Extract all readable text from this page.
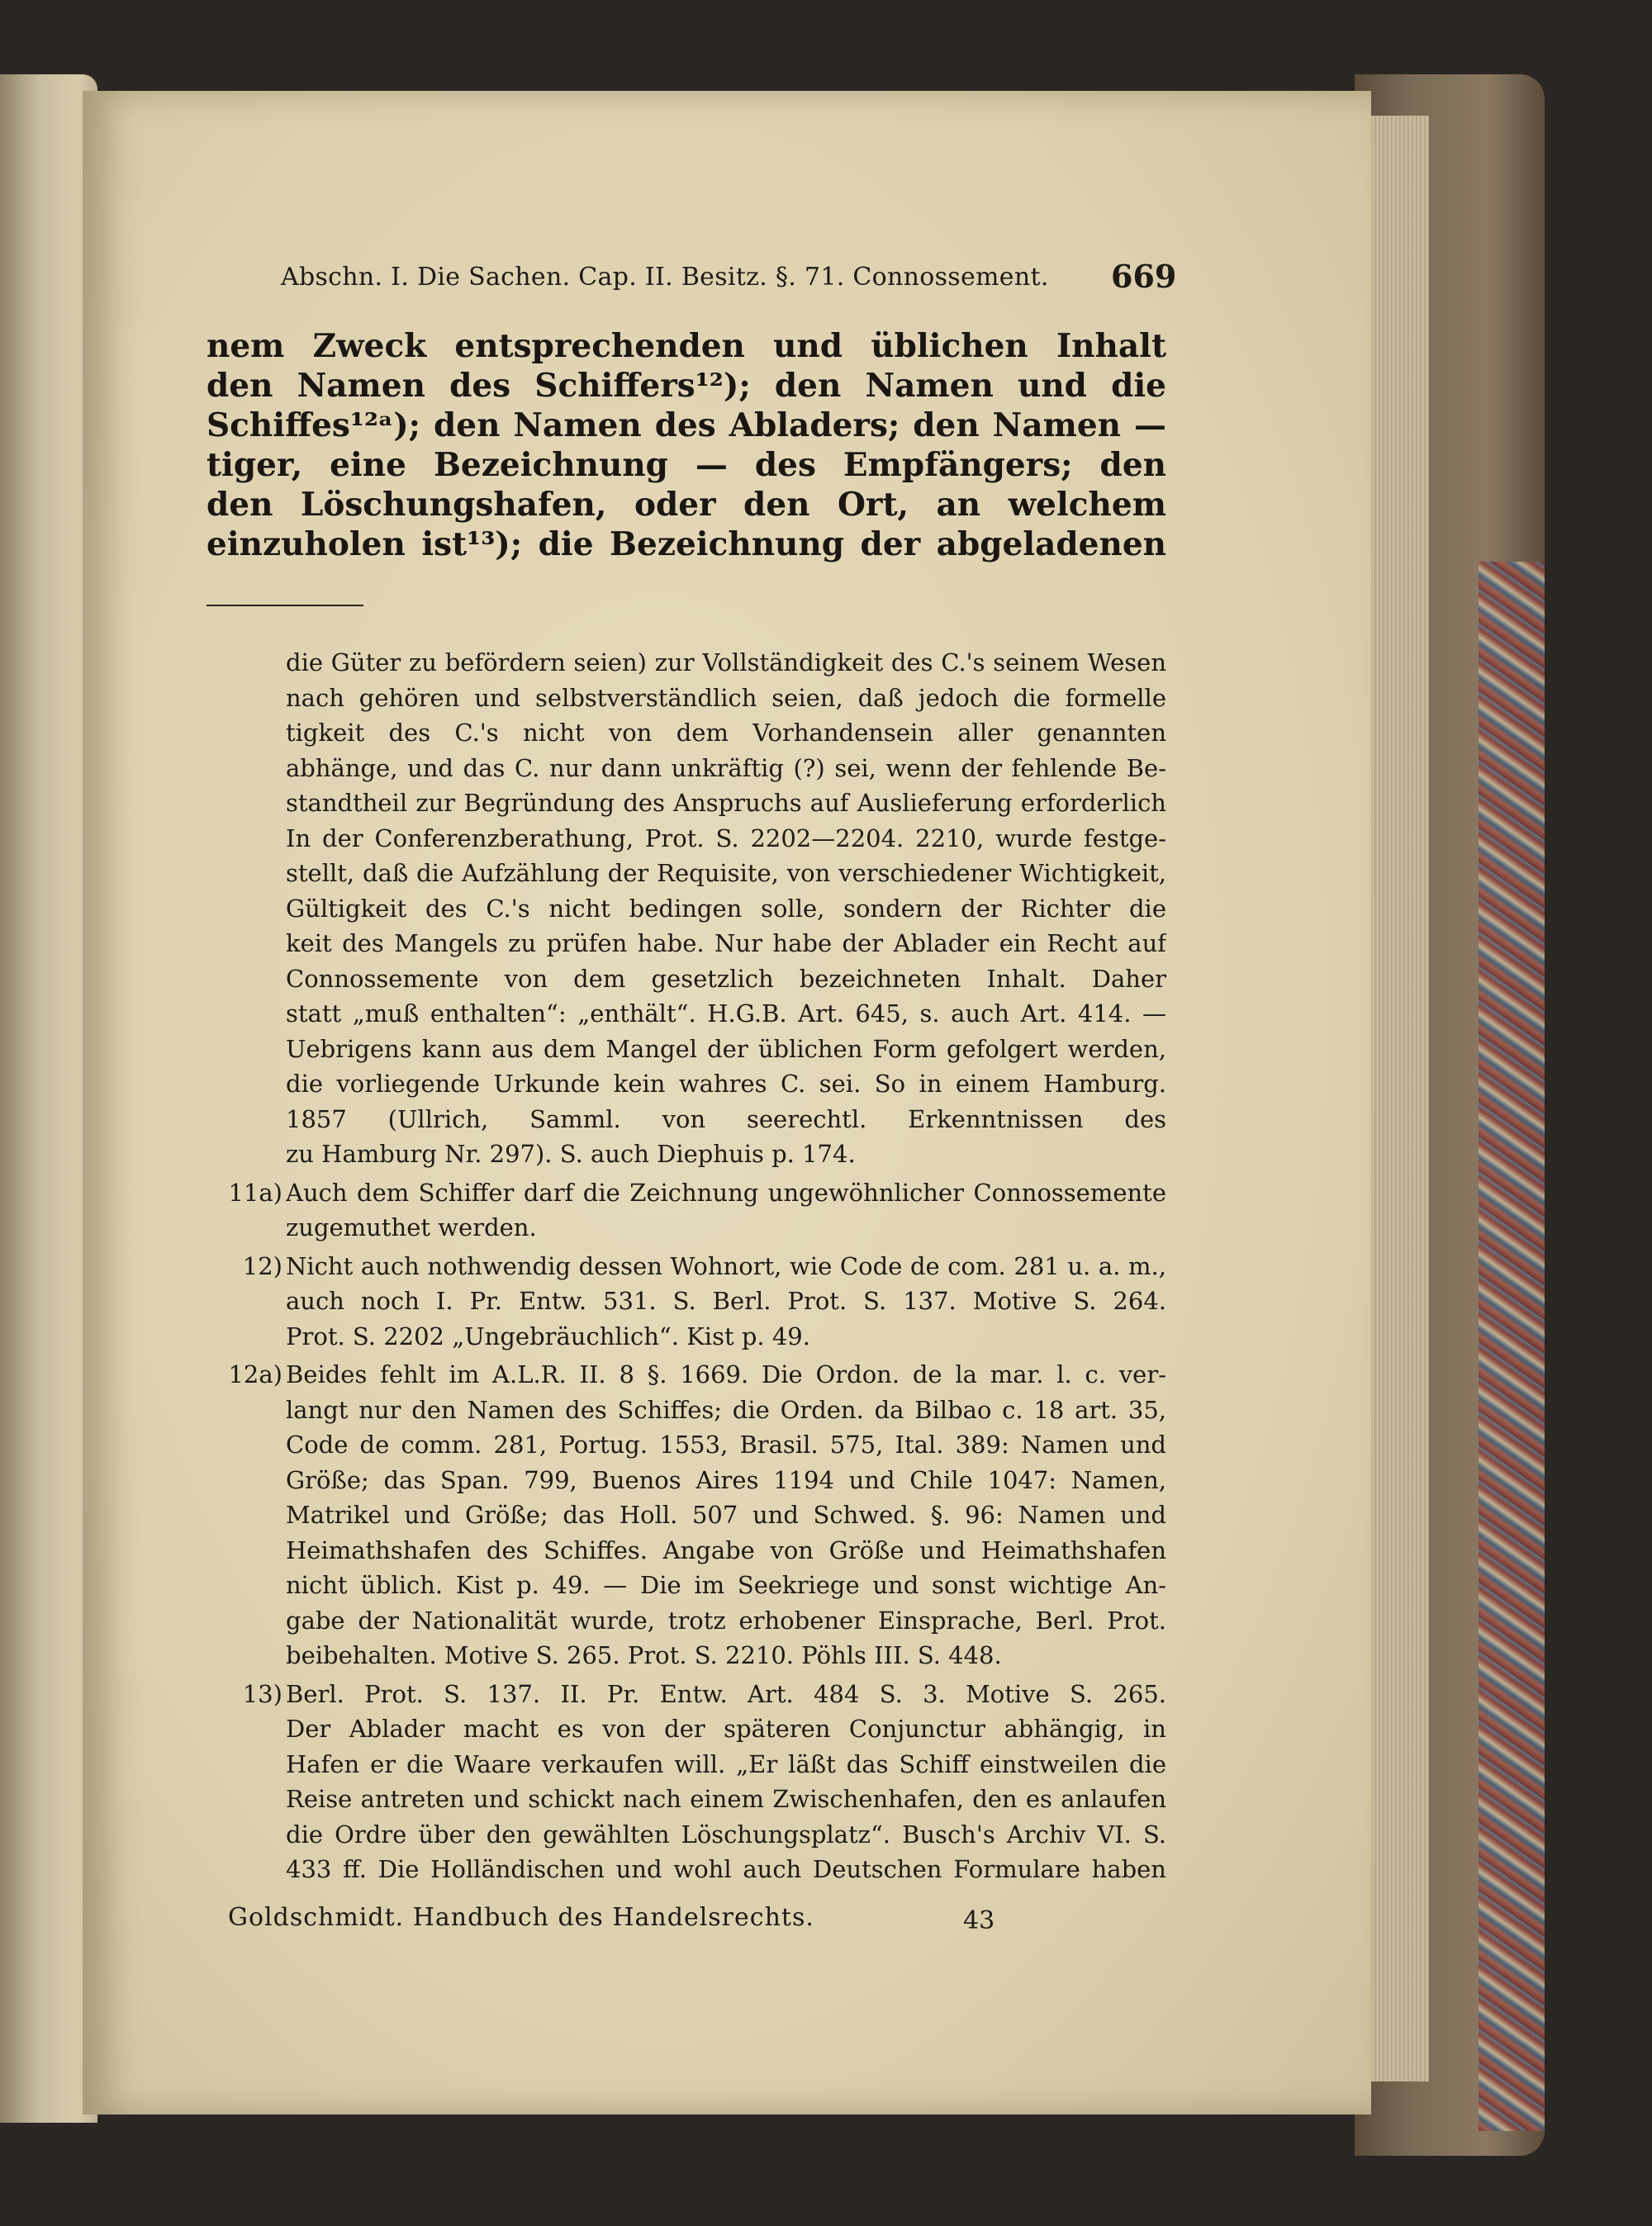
Abschn. I. Die Sachen. Cap. II. Besitz. §. 71. Connossement.	669
nem Zweck entsprechenden und üblichen Inhalt
den Namen des Schiffers¹²); den Namen und die
Schiffes¹²ᵃ); den Namen des Abladers; den Namen —
tiger, eine Bezeichnung — des Empfängers; den
den Löschungshafen, oder den Ort, an welchem
einzuholen ist¹³); die Bezeichnung der abgeladenen
die Güter zu befördern seien) zur Vollständigkeit des C.'s seinem Wesen
nach gehören und selbstverständlich seien, daß jedoch die formelle
tigkeit des C.'s nicht von dem Vorhandensein aller genannten
abhänge, und das C. nur dann unkräftig (?) sei, wenn der fehlende Be-
standtheil zur Begründung des Anspruchs auf Auslieferung erforderlich
In der Conferenzberathung, Prot. S. 2202—2204. 2210, wurde festge-
stellt, daß die Aufzählung der Requisite, von verschiedener Wichtigkeit,
Gültigkeit des C.'s nicht bedingen solle, sondern der Richter die
keit des Mangels zu prüfen habe. Nur habe der Ablader ein Recht auf
Connossemente von dem gesetzlich bezeichneten Inhalt. Daher
statt „muß enthalten“: „enthält“. H.G.B. Art. 645, s. auch Art. 414. —
Uebrigens kann aus dem Mangel der üblichen Form gefolgert werden,
die vorliegende Urkunde kein wahres C. sei. So in einem Hamburg.
1857 (Ullrich, Samml. von seerechtl. Erkenntnissen des
zu Hamburg Nr. 297). S. auch Diephuis p. 174.
11a) Auch dem Schiffer darf die Zeichnung ungewöhnlicher Connossemente
zugemuthet werden.
12) Nicht auch nothwendig dessen Wohnort, wie Code de com. 281 u. a. m.,
auch noch I. Pr. Entw. 531. S. Berl. Prot. S. 137. Motive S. 264.
Prot. S. 2202 „Ungebräuchlich“. Kist p. 49.
12a) Beides fehlt im A.L.R. II. 8 §. 1669. Die Ordon. de la mar. l. c. ver-
langt nur den Namen des Schiffes; die Orden. da Bilbao c. 18 art. 35,
Code de comm. 281, Portug. 1553, Brasil. 575, Ital. 389: Namen und
Größe; das Span. 799, Buenos Aires 1194 und Chile 1047: Namen,
Matrikel und Größe; das Holl. 507 und Schwed. §. 96: Namen und
Heimathshafen des Schiffes. Angabe von Größe und Heimathshafen
nicht üblich. Kist p. 49. — Die im Seekriege und sonst wichtige An-
gabe der Nationalität wurde, trotz erhobener Einsprache, Berl. Prot.
beibehalten. Motive S. 265. Prot. S. 2210. Pöhls III. S. 448.
13) Berl. Prot. S. 137. II. Pr. Entw. Art. 484 S. 3. Motive S. 265.
Der Ablader macht es von der späteren Conjunctur abhängig, in
Hafen er die Waare verkaufen will. „Er läßt das Schiff einstweilen die
Reise antreten und schickt nach einem Zwischenhafen, den es anlaufen
die Ordre über den gewählten Löschungsplatz“. Busch's Archiv VI. S.
433 ff. Die Holländischen und wohl auch Deutschen Formulare haben
Goldschmidt. Handbuch des Handelsrechts.	43
